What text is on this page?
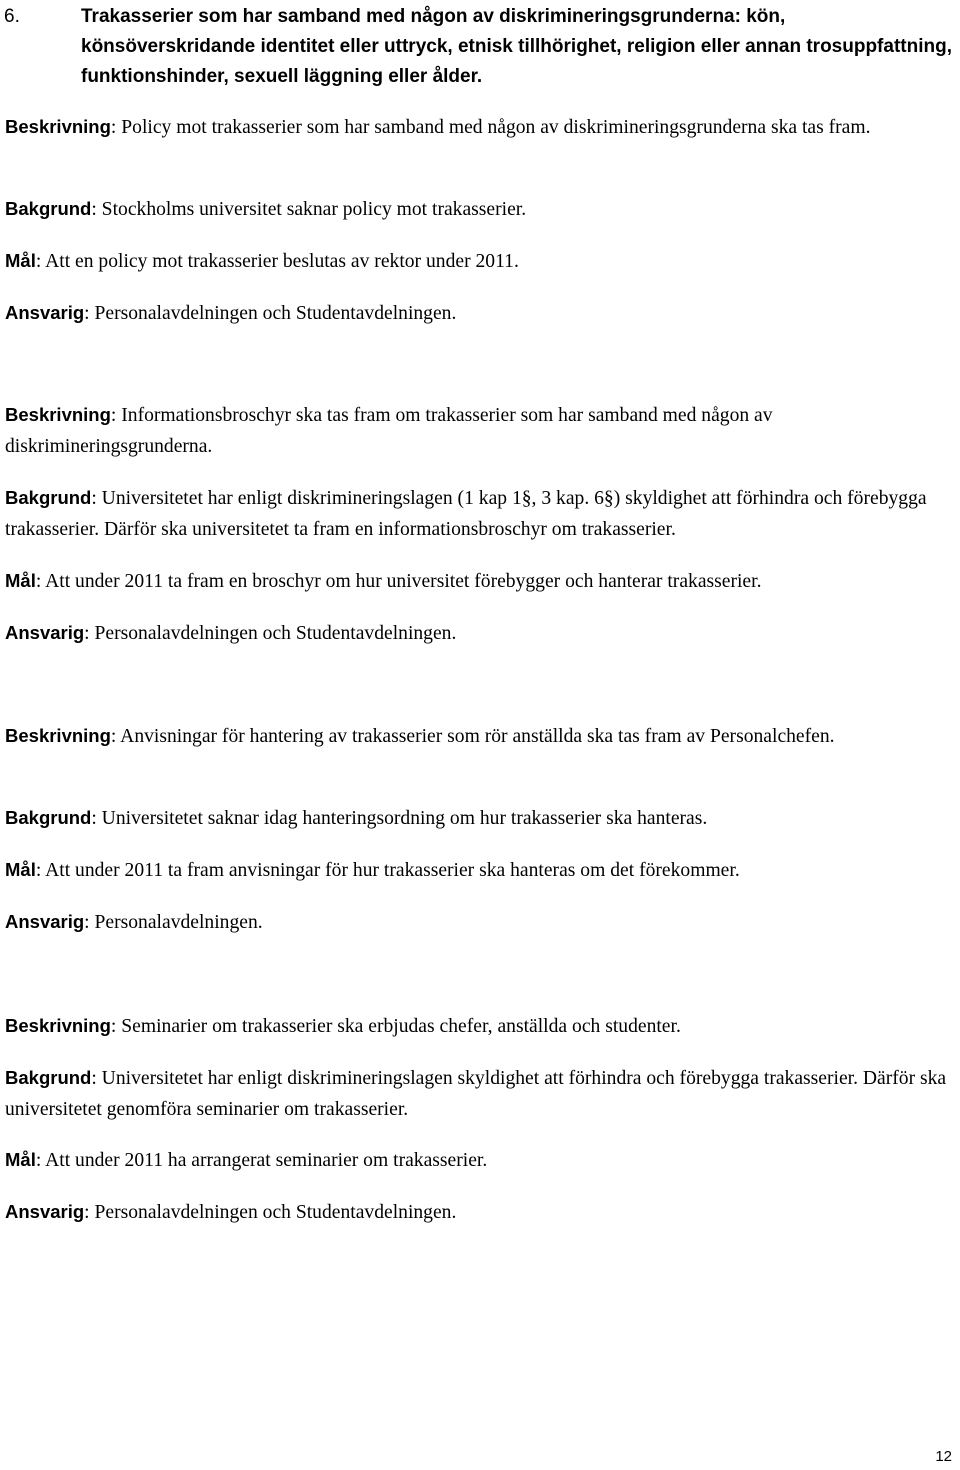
6.	Trakasserier som har samband med någon av diskrimineringsgrunderna: kön, könsöverskridande identitet eller uttryck, etnisk tillhörighet, religion eller annan trosuppfattning, funktionshinder, sexuell läggning eller ålder.

Beskrivning: Policy mot trakasserier som har samband med någon av diskrimineringsgrunderna ska tas fram.

Bakgrund: Stockholms universitet saknar policy mot trakasserier.

Mål: Att en policy mot trakasserier beslutas av rektor under 2011.

Ansvarig: Personalavdelningen och Studentavdelningen.

Beskrivning: Informationsbroschyr ska tas fram om trakasserier som har samband med någon av diskrimineringsgrunderna.

Bakgrund: Universitetet har enligt diskrimineringslagen (1 kap 1§, 3 kap. 6§) skyldighet att förhindra och förebygga trakasserier. Därför ska universitetet ta fram en informationsbroschyr om trakasserier.

Mål: Att under 2011 ta fram en broschyr om hur universitet förebygger och hanterar trakasserier.

Ansvarig: Personalavdelningen och Studentavdelningen.

Beskrivning: Anvisningar för hantering av trakasserier som rör anställda ska tas fram av Personalchefen.

Bakgrund: Universitetet saknar idag hanteringsordning om hur trakasserier ska hanteras.

Mål: Att under 2011 ta fram anvisningar för hur trakasserier ska hanteras om det förekommer.

Ansvarig: Personalavdelningen.

Beskrivning: Seminarier om trakasserier ska erbjudas chefer, anställda och studenter.

Bakgrund: Universitetet har enligt diskrimineringslagen skyldighet att förhindra och förebygga trakasserier. Därför ska universitetet genomföra seminarier om trakasserier.

Mål: Att under 2011 ha arrangerat seminarier om trakasserier.

Ansvarig: Personalavdelningen och Studentavdelningen.

12
